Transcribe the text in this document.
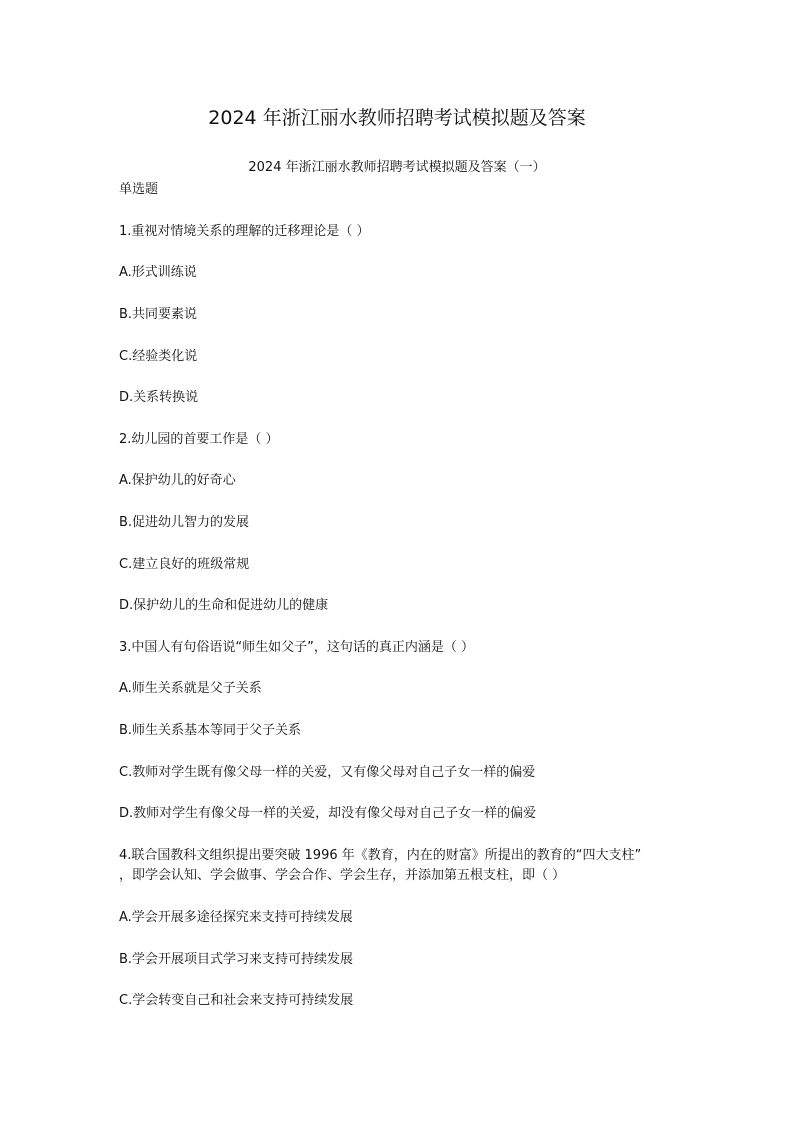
2024 年浙江丽水教师招聘考试模拟题及答案
2024 年浙江丽水教师招聘考试模拟题及答案（一）
单选题
1.重视对情境关系的理解的迁移理论是（ ）
A.形式训练说
B.共同要素说
C.经验类化说
D.关系转换说
2.幼儿园的首要工作是（ ）
A.保护幼儿的好奇心
B.促进幼儿智力的发展
C.建立良好的班级常规
D.保护幼儿的生命和促进幼儿的健康
3.中国人有句俗语说“师生如父子”，这句话的真正内涵是（ ）
A.师生关系就是父子关系
B.师生关系基本等同于父子关系
C.教师对学生既有像父母一样的关爱，又有像父母对自己子女一样的偏爱
D.教师对学生有像父母一样的关爱，却没有像父母对自己子女一样的偏爱
4.联合国教科文组织提出要突破 1996 年《教育，内在的财富》所提出的教育的“四大支柱”
，即学会认知、学会做事、学会合作、学会生存，并添加第五根支柱，即（ ）
A.学会开展多途径探究来支持可持续发展
B.学会开展项目式学习来支持可持续发展
C.学会转变自己和社会来支持可持续发展
